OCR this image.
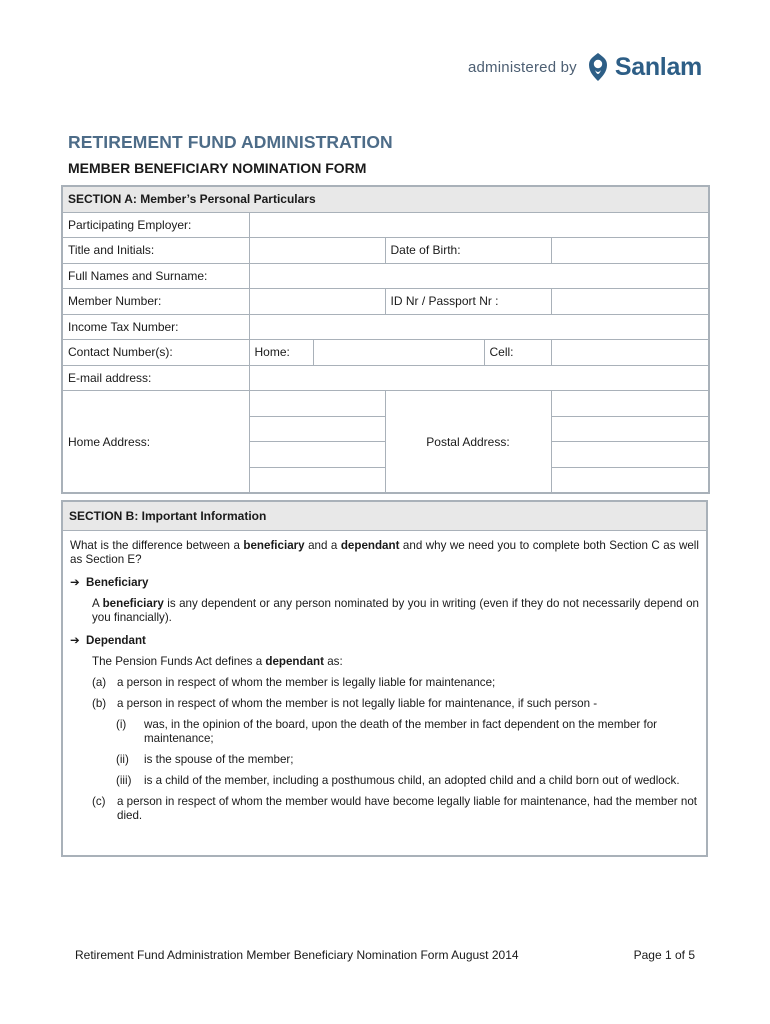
administered by Sanlam
RETIREMENT FUND ADMINISTRATION
MEMBER BENEFICIARY NOMINATION FORM
SECTION A: Member’s Personal Particulars					
Participating Employer:					
Title and Initials:			Date of Birth:		
Full Names and Surname:					
Member Number:			ID Nr / Passport Nr :		
Income Tax Number:					
Contact Number(s):	Home:			Cell:	
E-mail address:					
Home Address:			Postal Address:		
SECTION B: Important Information

What is the difference between a beneficiary and a dependant and why we need you to complete both Section C as well as Section E?

➔ Beneficiary

A beneficiary is any dependent or any person nominated by you in writing (even if they do not necessarily depend on you financially).

➔ Dependant

The Pension Funds Act defines a dependant as:

(a) a person in respect of whom the member is legally liable for maintenance;
(b) a person in respect of whom the member is not legally liable for maintenance, if such person -
(i)	was, in the opinion of the board, upon the death of the member in fact dependent on the member for maintenance;
(ii)	is the spouse of the member;
(iii)	is a child of the member, including a posthumous child, an adopted child and a child born out of wedlock.
(c) a person in respect of whom the member would have become legally liable for maintenance, had the member not died.
Retirement Fund Administration Member Beneficiary Nomination Form August 2014	Page 1 of 5
